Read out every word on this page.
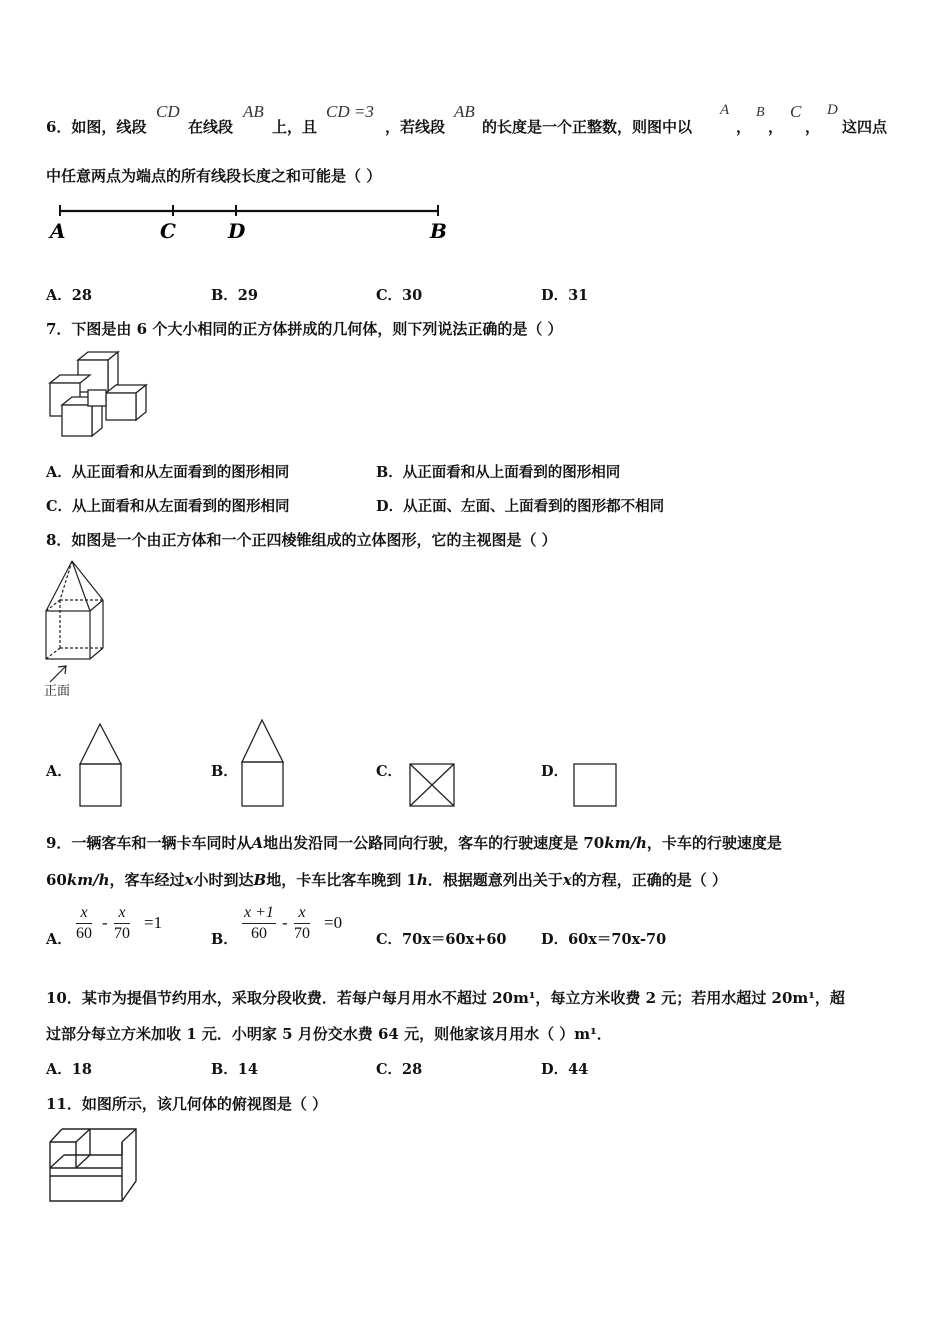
6．如图，线段
CD
在线段
AB
上，且
CD =3
，若线段
AB
的长度是一个正整数，则图中以
A
，
B
，
C
，
D
这四点
中任意两点为端点的所有线段长度之和可能是（ ）
A	C	D	B
A．28	B．29	C．30	D．31
7．下图是由 6 个大小相同的正方体拼成的几何体，则下列说法正确的是（ ）
A．从正面看和从左面看到的图形相同	B．从正面看和从上面看到的图形相同
C．从上面看和从左面看到的图形相同	D．从正面、左面、上面看到的图形都不相同
8．如图是一个由正方体和一个正四棱锥组成的立体图形，它的主视图是（ ）
正面
A．	B．	C．	D．
9．一辆客车和一辆卡车同时从A地出发沿同一公路同向行驶，客车的行驶速度是 70km/h，卡车的行驶速度是
60km/h，客车经过x小时到达B地，卡车比客车晚到 1h．根据题意列出关于x的方程，正确的是（ ）
A． $\frac{x}{60} - \frac{x}{70} =1$
B． $\frac{x +1}{60} - \frac{x}{70} =0$
C．70x＝60x+60 D．60x＝70x-70
10．某市为提倡节约用水，采取分段收费．若每户每月用水不超过 20m¹，每立方米收费 2 元；若用水超过 20m¹，超
过部分每立方米加收 1 元．小明家 5 月份交水费 64 元，则他家该月用水（ ）m¹．
A．18	B．14	C．28	D．44
11．如图所示，该几何体的俯视图是（ ）
